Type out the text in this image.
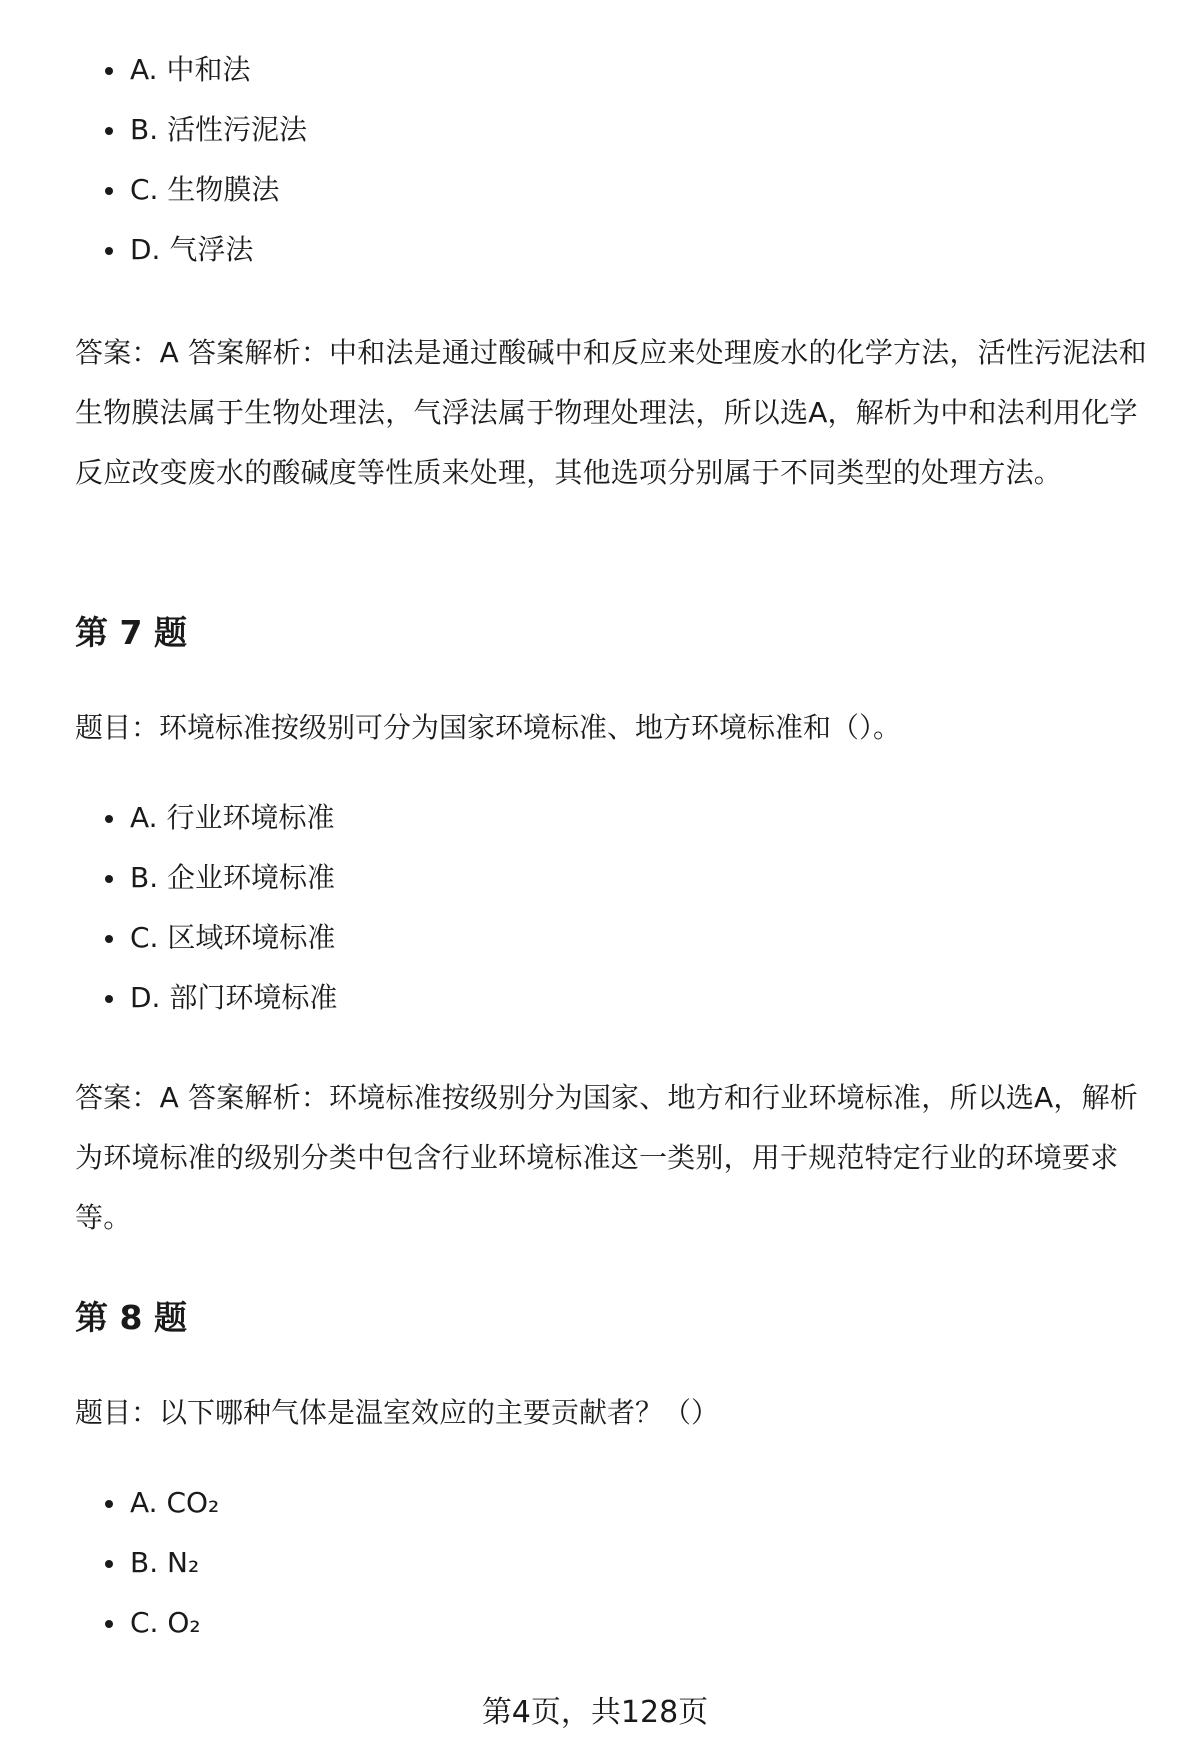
A. 中和法
B. 活性污泥法
C. 生物膜法
D. 气浮法

答案：A 答案解析：中和法是通过酸碱中和反应来处理废水的化学方法，活性污泥法和生物膜法属于生物处理法，气浮法属于物理处理法，所以选A，解析为中和法利用化学反应改变废水的酸碱度等性质来处理，其他选项分别属于不同类型的处理方法。

第 7 题

题目：环境标准按级别可分为国家环境标准、地方环境标准和（）。

A. 行业环境标准
B. 企业环境标准
C. 区域环境标准
D. 部门环境标准

答案：A 答案解析：环境标准按级别分为国家、地方和行业环境标准，所以选A，解析为环境标准的级别分类中包含行业环境标准这一类别，用于规范特定行业的环境要求等。

第 8 题

题目：以下哪种气体是温室效应的主要贡献者？（）

A. CO₂
B. N₂
C. O₂
第4页，共128页
